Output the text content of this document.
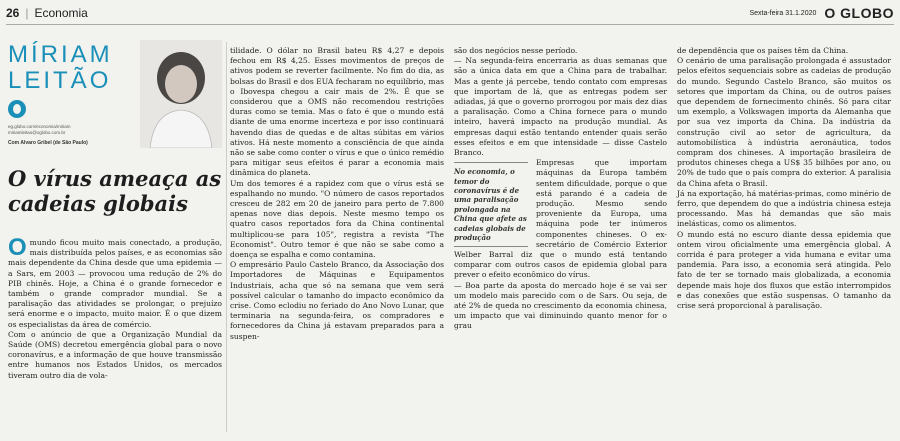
26 | Economia	Sexta-feira 31.1.2020 O GLOBO
MÍRIAM
LEITÃO
eg.globo.com/economia/miriam
miriamleitao@oglobo.com.br
Com Alvaro Gribel (de São Paulo)
O vírus ameaça as cadeias globais
O mundo ficou muito mais conectado, a produção, mais distribuída pelos países, e as economias são mais dependente da China desde que uma epidemia — a Sars, em 2003 — provocou uma redução de 2% do PIB chinês. Hoje, a China é o grande fornecedor e também o grande comprador mundial. Se a paralisação das atividades se prolongar, o prejuízo será enorme e o impacto, muito maior. É o que dizem os especialistas da área de comércio.

Com o anúncio de que a Organização Mundial da Saúde (OMS) decretou emergência global para o novo coronavírus, e a informação de que houve transmissão entre humanos nos Estados Unidos, os mercados tiveram outro dia de vola-

tilidade. O dólar no Brasil bateu R$ 4,27 e depois fechou em R$ 4,25. Esses movimentos de preços de ativos podem se reverter facilmente. No fim do dia, as bolsas do Brasil e dos EUA fecharam no equilíbrio, mas o Ibovespa chegou a cair mais de 2%. É que se considerou que a OMS não recomendou restrições duras como se temia. Mas o fato é que o mundo está diante de uma enorme incerteza e por isso continuará havendo dias de quedas e de altas súbitas em vários ativos. Há neste momento a consciência de que ainda não se sabe como conter o vírus e que o único remédio para mitigar seus efeitos é parar a economia mais dinâmica do planeta.

Um dos temores é a rapidez com que o vírus está se espalhando no mundo. "O número de casos reportados cresceu de 282 em 20 de janeiro para perto de 7.800 apenas nove dias depois. Neste mesmo tempo os quatro casos reportados fora da China continental multiplicou-se para 105", registra a revista "The Economist". Outro temor é que não se sabe como a doença se espalha e como contamina.

O empresário Paulo Castelo Branco, da Associação dos Importadores de Máquinas e Equipamentos Industriais, acha que só na semana que vem será possível calcular o tamanho do impacto econômico da crise. Como eclodiu no feriado do Ano Novo Lunar, que terminaria na segunda-feira, os compradores e fornecedores da China já estavam preparados para a suspen-

são dos negócios nesse período.

— Na segunda-feira encerraria as duas semanas que são a única data em que a China para de trabalhar. Mas a gente já percebe, tendo contato com empresas que importam de lá, que as entregas podem ser adiadas, já que o governo prorrogou por mais dez dias a paralisação. Como a China fornece para o mundo inteiro, haverá impacto na produção mundial. As empresas daqui estão tentando entender quais serão esses efeitos e em que intensidade — disse Castelo Branco.

No economia, o temor do coronavírus é de uma paralisação prolongada na China que afete as cadeias globais de produção

Empresas que importam máquinas da Europa também sentem dificuldade, porque o que está parando é a cadeia de produção. Mesmo sendo proveniente da Europa, uma máquina pode ter inúmeros componentes chineses. O ex-secretário de Comércio Exterior Welber Barral diz que o mundo está tentando comparar com outros casos de epidemia global para prever o efeito econômico do vírus.

— Boa parte da aposta do mercado hoje é se vai ser um modelo mais parecido com o de Sars. Ou seja, de até 2% de queda no crescimento da economia chinesa, um impacto que vai diminuindo quanto menor for o grau

de dependência que os países têm da China.

O cenário de uma paralisação prolongada é assustador pelos efeitos sequenciais sobre as cadeias de produção do mundo. Segundo Castelo Branco, são muitos os setores que importam da China, ou de outros países que dependem de fornecimento chinês. Só para citar um exemplo, a Volkswagen importa da Alemanha que por sua vez importa da China. Da indústria da construção civil ao setor de agricultura, da automobilística à indústria aeronáutica, todos compram dos chineses. A importação brasileira de produtos chineses chega a US$ 35 bilhões por ano, ou 20% de tudo que o país compra do exterior. A paralisia da China afeta o Brasil.

Já na exportação, há matérias-primas, como minério de ferro, que dependem do que a indústria chinesa esteja processando. Mas há demandas que são mais inelásticas, como os alimentos.

O mundo está no escuro diante dessa epidemia que ontem virou oficialmente uma emergência global. A corrida é para proteger a vida humana e evitar uma pandemia. Para isso, a economia será atingida. Pelo fato de ter se tornado mais globalizada, a economia depende mais hoje dos fluxos que estão interrompidos e das conexões que estão suspensas. O tamanho da crise será proporcional à paralisação.
